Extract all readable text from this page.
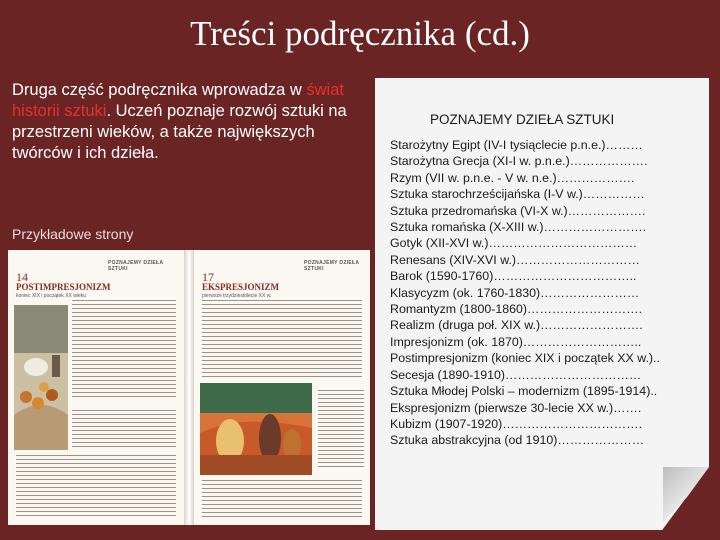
Treści podręcznika (cd.)

Druga część podręcznika wprowadza w świat historii sztuki. Uczeń poznaje rozwój sztuki na przestrzeni wieków, a także największych twórców i ich dzieła.

Przykładowe strony
POZNAJEMY DZIEŁA SZTUKI
14
POSTIMPRESJONIZM
koniec XIX i początek XX wieku
POZNAJEMY DZIEŁA SZTUKI
17
EKSPRESJONIZM
pierwsze trzydziestolecie XX w.
POZNAJEMY DZIEŁA SZTUKI
Starożytny Egipt (IV-I tysiąclecie p.n.e.)………
Starożytna Grecja (XI-I w. p.n.e.)……………….
Rzym (VII w. p.n.e. - V w. n.e.)……………….
Sztuka starochrześcijańska (I-V w.)……………
Sztuka przedromańska (VI-X w.)……………….
Sztuka romańska (X-XIII w.)…………………….
Gotyk (XII-XVI w.)………………………………
Renesans (XIV-XVI w.)…………………………
Barok (1590-1760)……………………………..
Klasycyzm (ok. 1760-1830)……………………
Romantyzm (1800-1860)……………………….
Realizm (druga poł. XIX w.)…………………….
Impresjonizm (ok. 1870)………………………..
Postimpresjonizm (koniec XIX i początek XX w.)..
Secesja (1890-1910)……………………………
Sztuka Młodej Polski – modernizm (1895-1914)..
Ekspresjonizm (pierwsze 30-lecie XX w.)…….
Kubizm (1907-1920)…………………………….
Sztuka abstrakcyjna (od 1910)…………………
